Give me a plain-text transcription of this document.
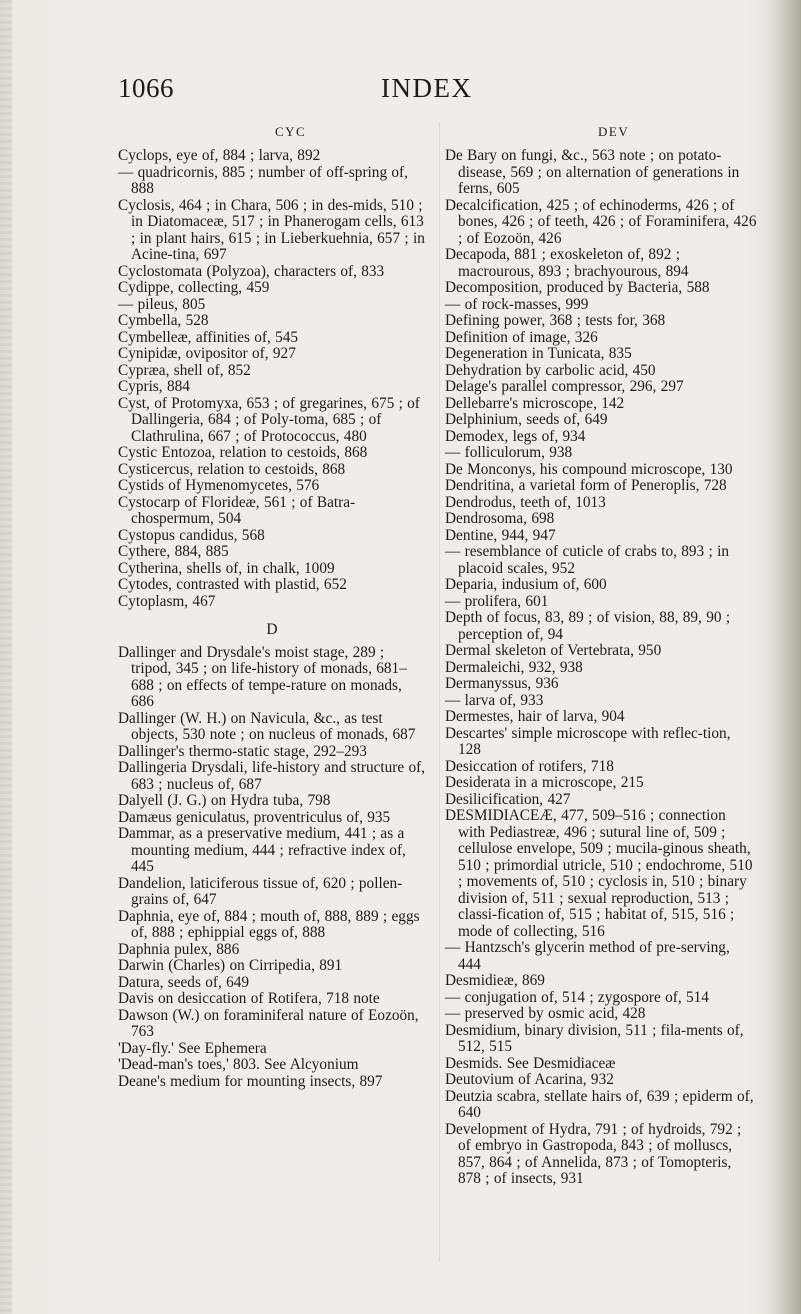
1066	INDEX
CYC	DEV

Cyclops, eye of, 884 ; larva, 892

— quadricornis, 885 ; number of off-spring of, 888

Cyclosis, 464 ; in Chara, 506 ; in des-mids, 510 ; in Diatomaceæ, 517 ; in Phanerogam cells, 613 ; in plant hairs, 615 ; in Lieberkuehnia, 657 ; in Acine-tina, 697

Cyclostomata (Polyzoa), characters of, 833

Cydippe, collecting, 459

— pileus, 805

Cymbella, 528

Cymbelleæ, affinities of, 545

Cynipidæ, ovipositor of, 927

Cypræa, shell of, 852

Cypris, 884

Cyst, of Protomyxa, 653 ; of gregarines, 675 ; of Dallingeria, 684 ; of Poly-toma, 685 ; of Clathrulina, 667 ; of Protococcus, 480

Cystic Entozoa, relation to cestoids, 868

Cysticercus, relation to cestoids, 868

Cystids of Hymenomycetes, 576

Cystocarp of Florideæ, 561 ; of Batra-chospermum, 504

Cystopus candidus, 568

Cythere, 884, 885

Cytherina, shells of, in chalk, 1009

Cytodes, contrasted with plastid, 652

Cytoplasm, 467

D

Dallinger and Drysdale's moist stage, 289 ; tripod, 345 ; on life-history of monads, 681–688 ; on effects of tempe-rature on monads, 686

Dallinger (W. H.) on Navicula, &c., as test objects, 530 note ; on nucleus of monads, 687

Dallinger's thermo-static stage, 292–293

Dallingeria Drysdali, life-history and structure of, 683 ; nucleus of, 687

Dalyell (J. G.) on Hydra tuba, 798

Damæus geniculatus, proventriculus of, 935

Dammar, as a preservative medium, 441 ; as a mounting medium, 444 ; refractive index of, 445

Dandelion, laticiferous tissue of, 620 ; pollen-grains of, 647

Daphnia, eye of, 884 ; mouth of, 888, 889 ; eggs of, 888 ; ephippial eggs of, 888

Daphnia pulex, 886

Darwin (Charles) on Cirripedia, 891

Datura, seeds of, 649

Davis on desiccation of Rotifera, 718 note

Dawson (W.) on foraminiferal nature of Eozoön, 763

'Day-fly.' See Ephemera

'Dead-man's toes,' 803. See Alcyonium

Deane's medium for mounting insects, 897

De Bary on fungi, &c., 563 note ; on potato-disease, 569 ; on alternation of generations in ferns, 605

Decalcification, 425 ; of echinoderms, 426 ; of bones, 426 ; of teeth, 426 ; of Foraminifera, 426 ; of Eozoön, 426

Decapoda, 881 ; exoskeleton of, 892 ; macrourous, 893 ; brachyourous, 894

Decomposition, produced by Bacteria, 588

— of rock-masses, 999

Defining power, 368 ; tests for, 368

Definition of image, 326

Degeneration in Tunicata, 835

Dehydration by carbolic acid, 450

Delage's parallel compressor, 296, 297

Dellebarre's microscope, 142

Delphinium, seeds of, 649

Demodex, legs of, 934

— folliculorum, 938

De Monconys, his compound microscope, 130

Dendritina, a varietal form of Peneroplis, 728

Dendrodus, teeth of, 1013

Dendrosoma, 698

Dentine, 944, 947

— resemblance of cuticle of crabs to, 893 ; in placoid scales, 952

Deparia, indusium of, 600

— prolifera, 601

Depth of focus, 83, 89 ; of vision, 88, 89, 90 ; perception of, 94

Dermal skeleton of Vertebrata, 950

Dermaleichi, 932, 938

Dermanyssus, 936

— larva of, 933

Dermestes, hair of larva, 904

Descartes' simple microscope with reflec-tion, 128

Desiccation of rotifers, 718

Desiderata in a microscope, 215

Desilicification, 427

DESMIDIACEÆ, 477, 509–516 ; connection with Pediastreæ, 496 ; sutural line of, 509 ; cellulose envelope, 509 ; mucila-ginous sheath, 510 ; primordial utricle, 510 ; endochrome, 510 ; movements of, 510 ; cyclosis in, 510 ; binary division of, 511 ; sexual reproduction, 513 ; classi-fication of, 515 ; habitat of, 515, 516 ; mode of collecting, 516

— Hantzsch's glycerin method of pre-serving, 444

Desmidieæ, 869

— conjugation of, 514 ; zygospore of, 514

— preserved by osmic acid, 428

Desmidium, binary division, 511 ; fila-ments of, 512, 515

Desmids. See Desmidiaceæ

Deutovium of Acarina, 932

Deutzia scabra, stellate hairs of, 639 ; epiderm of, 640

Development of Hydra, 791 ; of hydroids, 792 ; of embryo in Gastropoda, 843 ; of molluscs, 857, 864 ; of Annelida, 873 ; of Tomopteris, 878 ; of insects, 931
